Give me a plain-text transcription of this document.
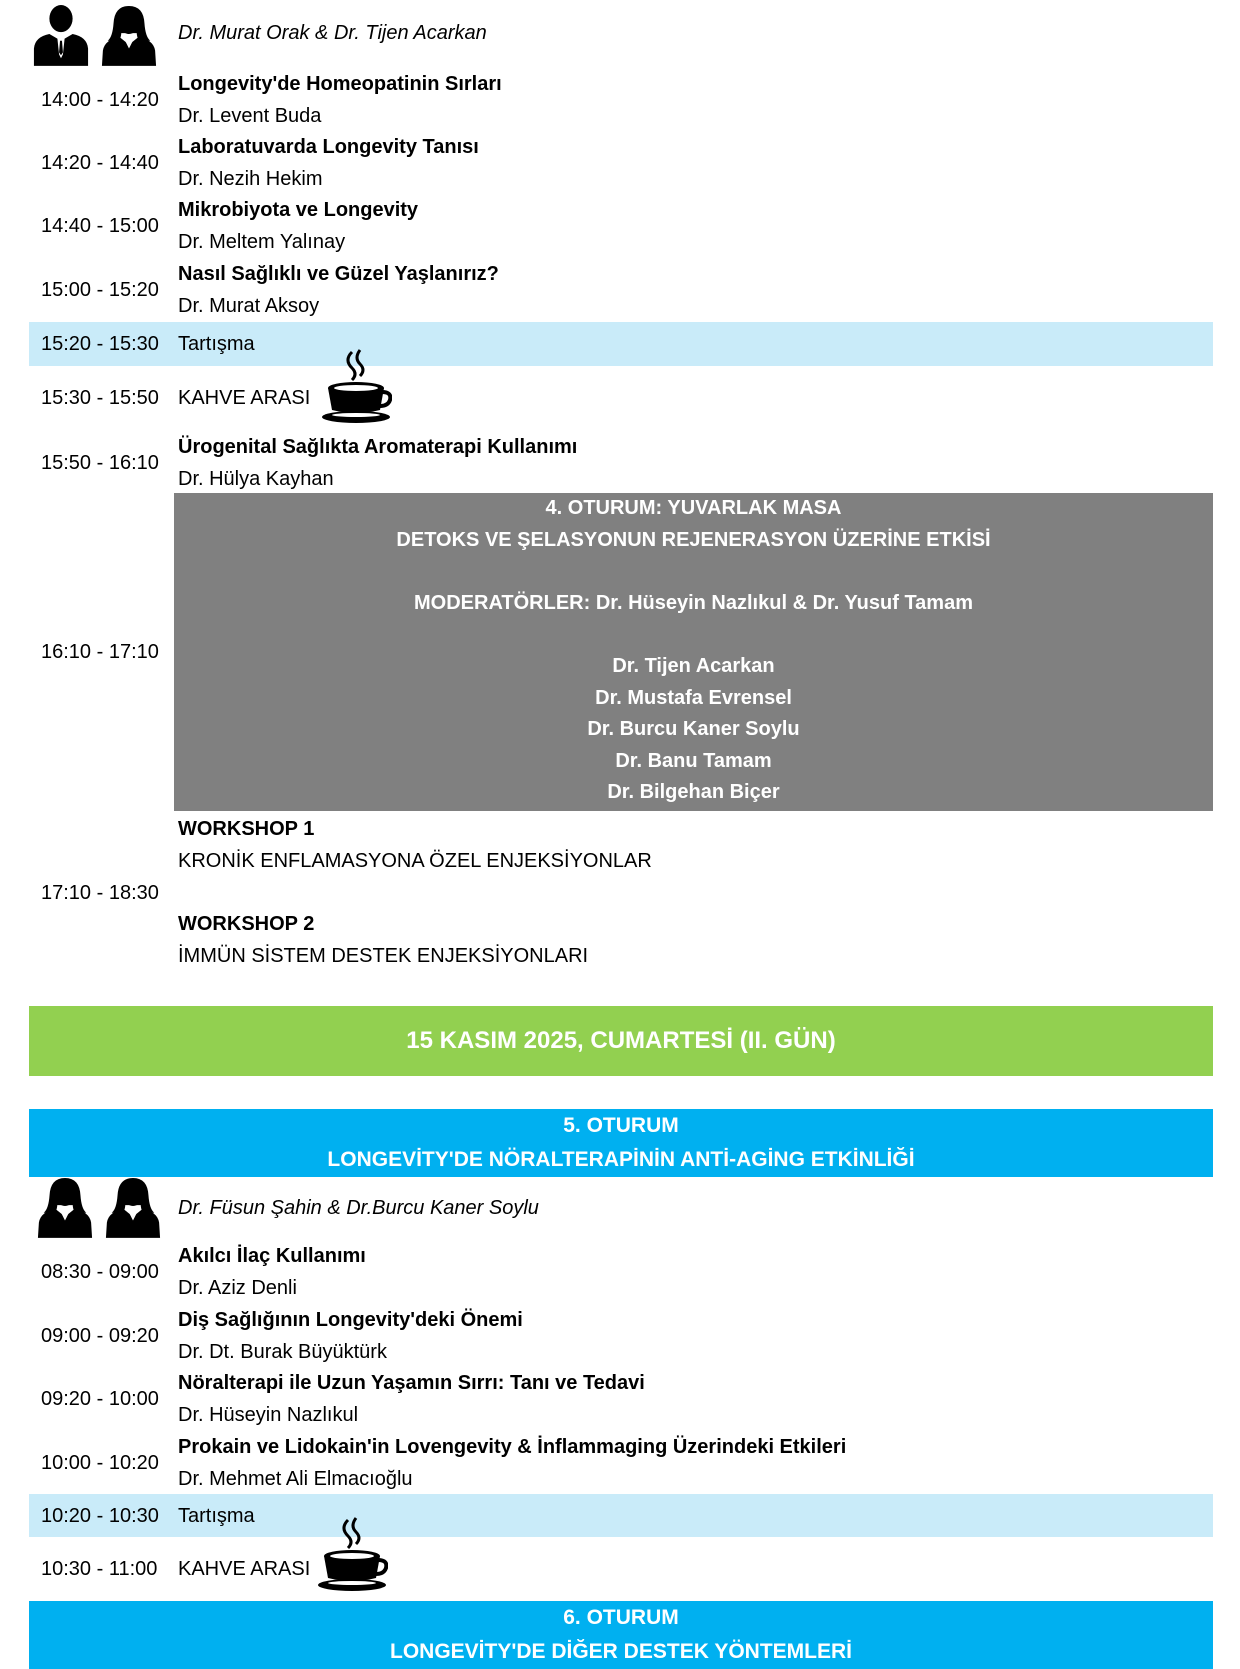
Dr. Murat Orak & Dr. Tijen Acarkan
14:00 - 14:20
Longevity'de Homeopatinin Sırları
Dr. Levent Buda
14:20 - 14:40
Laboratuvarda Longevity Tanısı
Dr. Nezih Hekim
14:40 - 15:00
Mikrobiyota ve Longevity
Dr. Meltem Yalınay
15:00 - 15:20
Nasıl Sağlıklı ve Güzel Yaşlanırız?
Dr. Murat Aksoy
15:20 - 15:30 Tartışma
15:30 - 15:50 KAHVE ARASI
15:50 - 16:10
Ürogenital Sağlıkta Aromaterapi Kullanımı
Dr. Hülya Kayhan
16:10 - 17:10
4. OTURUM: YUVARLAK MASA
DETOKS VE ŞELASYONUN REJENERASYON ÜZERİNE ETKİSİ
MODERATÖRLER: Dr. Hüseyin Nazlıkul & Dr. Yusuf Tamam
Dr. Tijen Acarkan
Dr. Mustafa Evrensel
Dr. Burcu Kaner Soylu
Dr. Banu Tamam
Dr. Bilgehan Biçer
17:10 - 18:30
WORKSHOP 1
KRONİK ENFLAMASYONA ÖZEL ENJEKSİYONLAR
WORKSHOP 2
İMMÜN SİSTEM DESTEK ENJEKSİYONLARI
15 KASIM 2025, CUMARTESİ (II. GÜN)
5. OTURUM
LONGEVİTY'DE NÖRALTERAPİNİN ANTİ-AGİNG ETKİNLİĞİ
Dr. Füsun Şahin & Dr.Burcu Kaner Soylu
08:30 - 09:00
Akılcı İlaç Kullanımı
Dr. Aziz Denli
09:00 - 09:20
Diş Sağlığının Longevity'deki Önemi
Dr. Dt. Burak Büyüktürk
09:20 - 10:00
Nöralterapi ile Uzun Yaşamın Sırrı: Tanı ve Tedavi
Dr. Hüseyin Nazlıkul
10:00 - 10:20
Prokain ve Lidokain'in Lovengevity & İnflammaging Üzerindeki Etkileri
Dr. Mehmet Ali Elmacıoğlu
10:20 - 10:30 Tartışma
10:30 - 11:00 KAHVE ARASI
6. OTURUM
LONGEVİTY'DE DİĞER DESTEK YÖNTEMLERİ
